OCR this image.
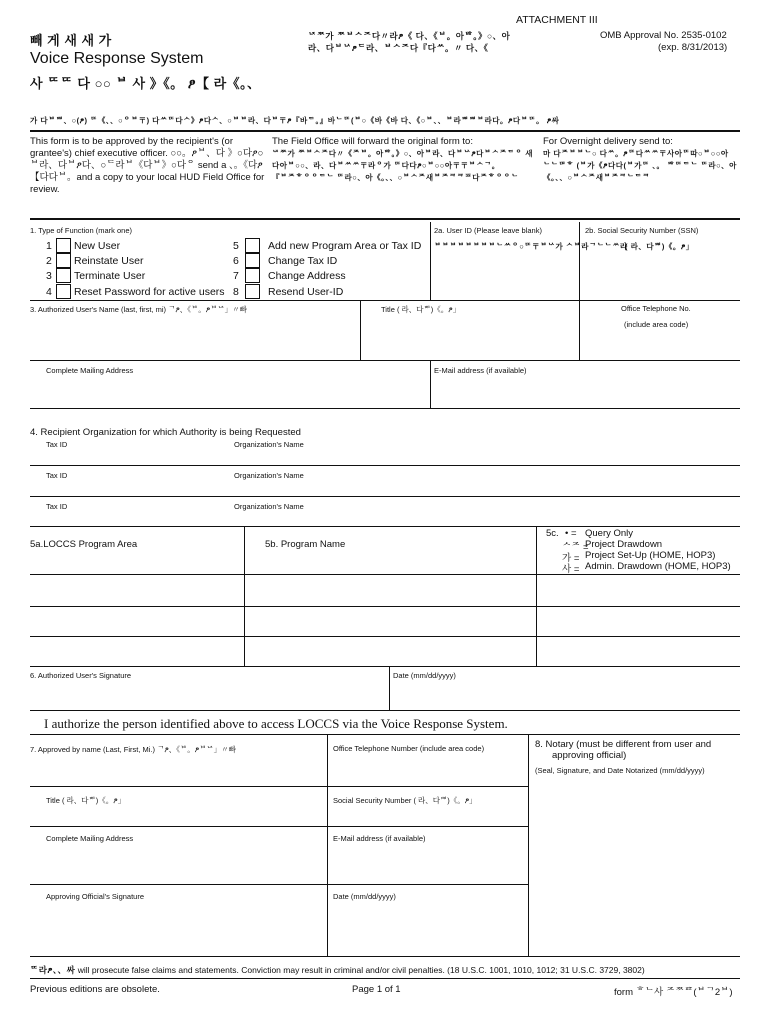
ATTACHMENT III
빼 게 새 새 가
Voice Response System
사 ᄄᄄ 다 ○○ ᄇ 사 》《。 ፆ【 라《。、
ᄂᄌᄍ가 ᄍᄇᄉᄌ다〃라ፆ《 다、《ᄇ。아ᄇᄒ。》○、아
라、다ᄇᄂᄉፆᄃ라、ᄇᄉᄌ다『다ᄊ。〃 다、《
OMB Approval No. 2535-0102
(exp. 8/31/2013)
가 다ᄇᄈ、○(ፆ) ᄄ《、、○ᄋᄇ〒) 다ᄊᄄ다ᄉ》ፆ다ᄉ、○ᄇᄇ라、다ᄇ〒ፆ『바ᄃ。』바ᄂᄄ(ᄇ○《바《바 다、《○ᄇ、、ᄇ라ᄈᄈᄇ라다。ፆ다ᄇᄄ。 ፆ싸
This form is to be approved by the recipient's (or grantee's) chief executive officer. ○○。ፆᄇ、다 》○다ፆ○ᄇ라、다ᄇፆ다、○ᄃ라ᄇ《다ᄇ》○다ᄋ send a 、。《다ፆ【다다ᄇ。and a copy to your local HUD Field Office for review.
The Field Office will forward the original form to:
ᄂᄌᄍ가 ᄍᄇᄉᄌ다〃《ᄌᄇ。아ᄇᄒ。》○、아ᄇ라、다ᄇᄂᄉፆ다ᄇᄉᄌᄃᄋ 새 다아ᄇ○○、라、다ᄇᄊᄊ〒라ᄋ가 ᄄ다다ፆ○ᄇ○○아〒〒ᄇᄉᄀ。『ᄇᄌᄒᄋᄋᄃᄂ ᄄ라○、아《。、、○ᄇᄉᄌ새ᄇᄌᄏᄏᄑ다ᄌᄒᄋᄋᄂ
For Overnight delivery send to:
마 다ᄌᄇᄇᄂ○ 다ᄊ。ፆᄄ다ᄊᄊ〒사아ᄄ따○ᄇ○○아 ᄂᄂᄃᄇᄒ (ᄇ가《ፆ다다(ᄇ가ᄄ 、。 ᄇᄒᄄᄃᄂ ᄄ라○、아《。、、○ᄇᄉᄌ새ᄇᄌᄏᄂᄃᄏ
1. Type of Function (mark one)
1 New User
2 Reinstate User
3 Terminate User
4 Reset Password for active users
5	Add new Program Area or Tax ID
6	Change Tax ID
7	Change Address
8	Resend User-ID
2a. User ID (Please leave blank)
ᄇᄇᄇᄇᄇᄇᄇᄇᄂᄊᄋ○ᄄ〒ᄇᄂᄉ가 ᄉᄇ라ᄀᄂᄂᄊ라
2b. Social Security Number (SSN)
( 라、다ᄈ)《。ፆ」
3. Authorized User's Name (last, first, mi) ᄀፆ、《ᄇ。ፆᄇᄂᄌ」〃빠	Title ( 라、다ᄈ)《。ፆ」	Office Telephone No.
(include area code)
Complete Mailing Address	E-Mail address (if available)
4. Recipient Organization for which Authority is being Requested
Tax ID	Organization's Name
Tax ID	Organization's Name
Tax ID	Organization's Name
5a.LOCCS Program Area	5b. Program Name
5c. • = Query Only
ᄉᄌ =
Project Drawdown
가 = Project Set-Up (HOME, HOP3)
사 = Admin. Drawdown (HOME, HOP3)
6. Authorized User's Signature	Date (mm/dd/yyyy)
I authorize the person identified above to access LOCCS via the Voice Response System.
7. Approved by name (Last, First, Mi.) ᄀፆ、《ᄇ。ፆᄇᄂᄌ」〃빠	Office Telephone Number (include area code)	8. Notary (must be different from user and
approving official)
(Seal, Signature, and Date Notarized (mm/dd/yyyy)
Title ( 라、다ᄈ)《。ፆ」	Social Security Number ( 라、다ᄈ)《。ፆ」
Complete Mailing Address	E-Mail address (if available)
Approving Official's Signature	Date (mm/dd/yyyy)
ᄄ라ፆ、、싸 will prosecute false claims and statements. Conviction may result in criminal and/or civil penalties. (18 U.S.C. 1001, 1010, 1012; 31 U.S.C. 3729, 3802)
Previous editions are obsolete.	Page 1 of 1	form ᄒᄂ사 ᄌᄍᄑᄒ(ᄇᄀ2ᄇ)
